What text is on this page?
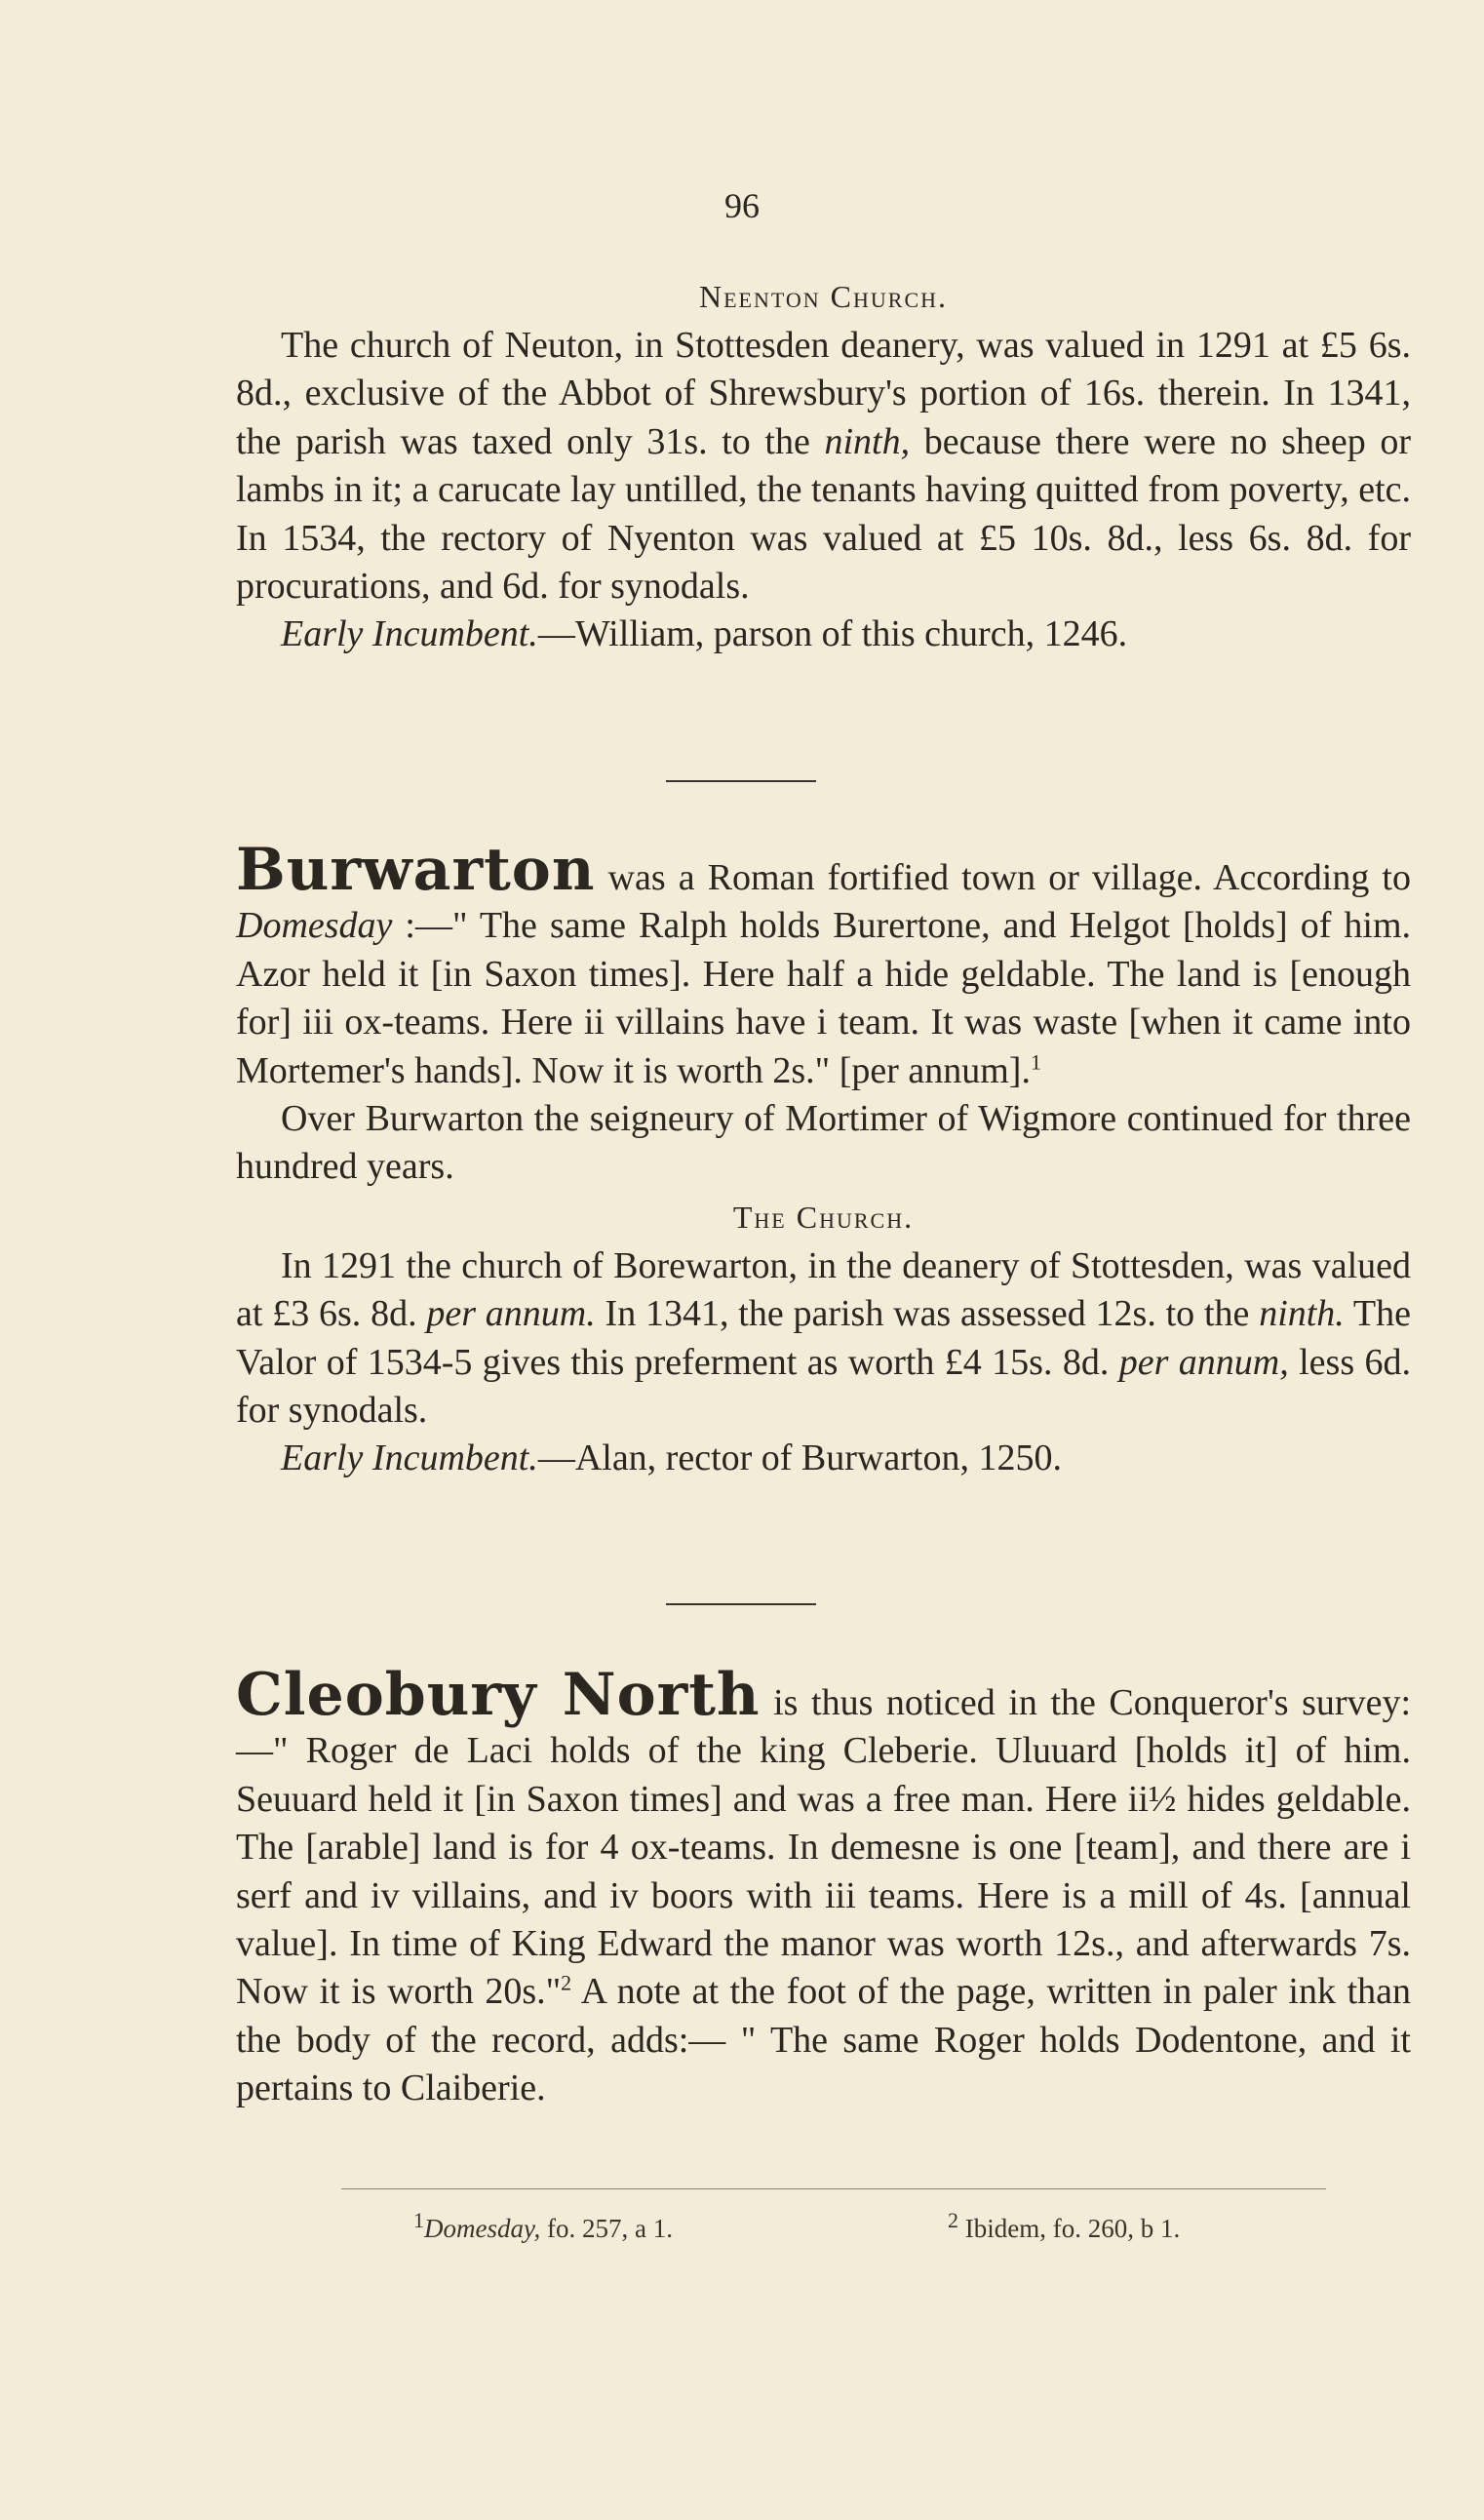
96
Neenton Church.

The church of Neuton, in Stottesden deanery, was valued in 1291 at £5 6s. 8d., exclusive of the Abbot of Shrewsbury's portion of 16s. therein. In 1341, the parish was taxed only 31s. to the ninth, because there were no sheep or lambs in it; a carucate lay untilled, the tenants having quitted from poverty, etc. In 1534, the rectory of Nyenton was valued at £5 10s. 8d., less 6s. 8d. for procurations, and 6d. for synodals.

Early Incumbent.—William, parson of this church, 1246.

Burwarton was a Roman fortified town or village. According to Domesday :—" The same Ralph holds Burertone, and Helgot [holds] of him. Azor held it [in Saxon times]. Here half a hide geldable. The land is [enough for] iii ox-teams. Here ii villains have i team. It was waste [when it came into Mortemer's hands]. Now it is worth 2s." [per annum].$^1$

Over Burwarton the seigneury of Mortimer of Wigmore continued for three hundred years.

The Church.

In 1291 the church of Borewarton, in the deanery of Stottesden, was valued at £3 6s. 8d. per annum. In 1341, the parish was assessed 12s. to the ninth. The Valor of 1534-5 gives this preferment as worth £4 15s. 8d. per annum, less 6d. for synodals.

Early Incumbent.—Alan, rector of Burwarton, 1250.

Cleobury North is thus noticed in the Conqueror's survey:—" Roger de Laci holds of the king Cleberie. Uluuard [holds it] of him. Seuuard held it [in Saxon times] and was a free man. Here ii½ hides geldable. The [arable] land is for 4 ox-teams. In demesne is one [team], and there are i serf and iv villains, and iv boors with iii teams. Here is a mill of 4s. [annual value]. In time of King Edward the manor was worth 12s., and afterwards 7s. Now it is worth 20s."$^2$ A note at the foot of the page, written in paler ink than the body of the record, adds:— " The same Roger holds Dodentone, and it pertains to Claiberie.

$^1$Domesday, fo. 257, a 1.	$^2$ Ibidem, fo. 260, b 1.
